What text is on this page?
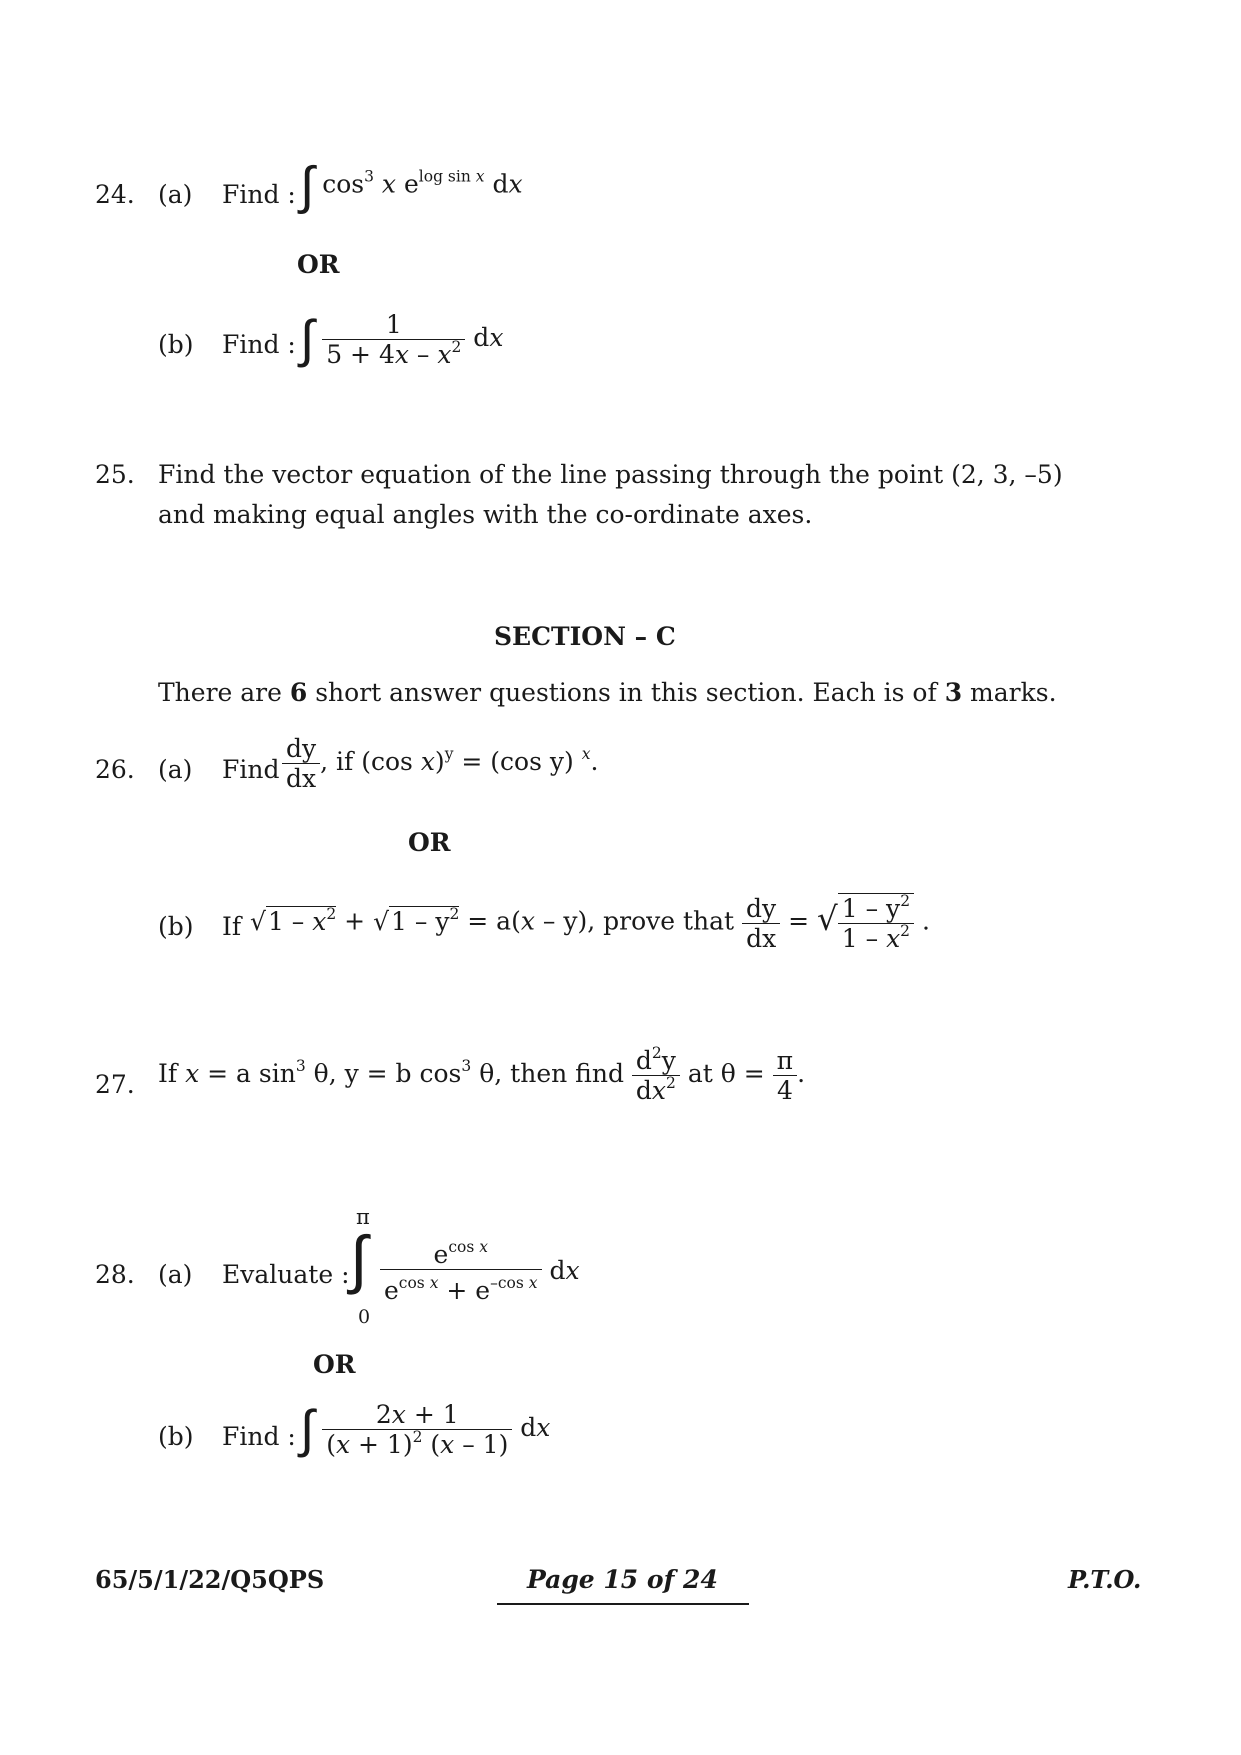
24. (a) Find : ∫ $\cos^3 x$ $e^{log sin x}$ dx
OR
(b) Find : ∫ $\frac{1}{5 + 4x - x^2}$ dx
25. Find the vector equation of the line passing through the point (2, 3, –5)
and making equal angles with the co-ordinate axes.
SECTION – C
There are 6 short answer questions in this section. Each is of 3 marks.
26. (a) Find $\frac{dy}{dx}$ , if (cos x)$^y$ = (cos y) $^x$.
OR
(b) If $√1 - x^2 + √1 - y^2 = a(x - y)$, prove that $\frac{dy}{dx}$ = √ $\frac{1 - y^2}{1 - x^2}$ .
27. If x = a $\sin^3 \theta$, y = b $\cos^3 \theta$, then find $\frac{d^2y}{dx^2}$ at $\theta = \frac{\pi}{4}$ .
28. (a) Evaluate :
π
∫
0
$\frac{e^{cos x}}{e^{cos x} + e^{-cos x}}$ dx
OR
(b) Find : ∫ $\frac{2x + 1}{(x + 1)^2 (x - 1)}$ dx
65/5/1/22/Q5QPS	Page 15 of 24	P.T.O.
